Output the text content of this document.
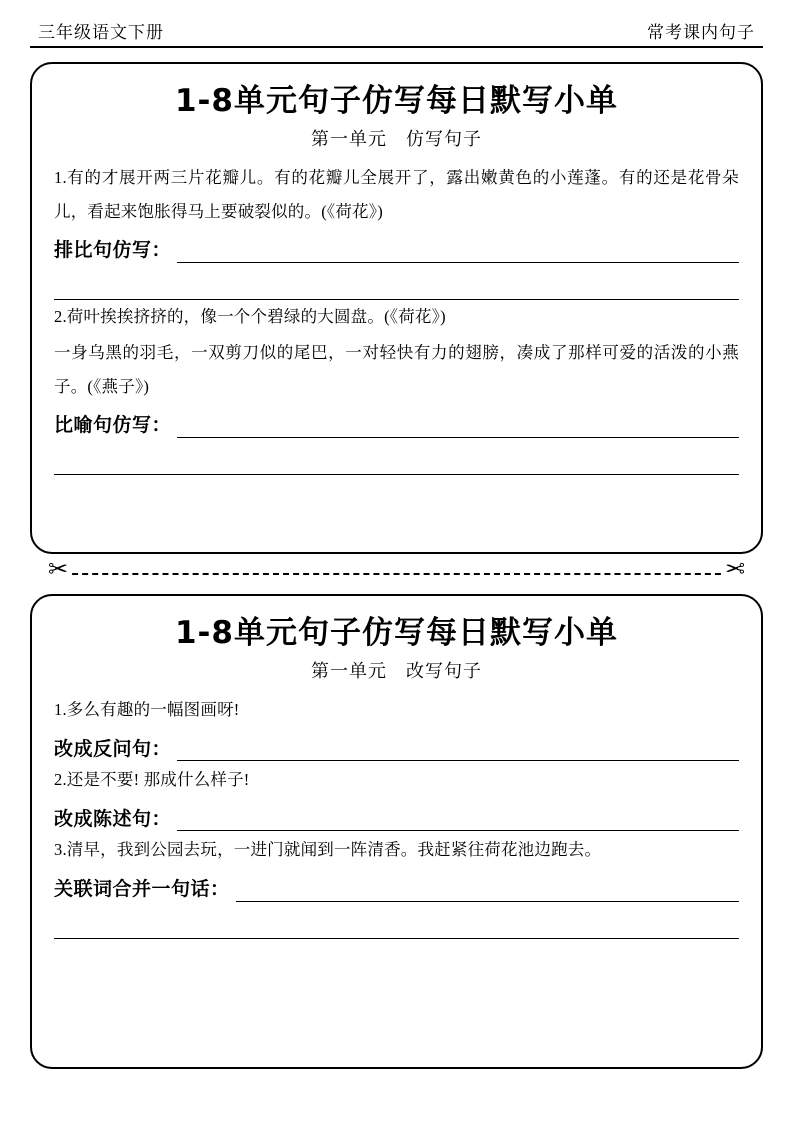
三年级语文下册	常考课内句子
1-8单元句子仿写每日默写小单
第一单元　仿写句子
1.有的才展开两三片花瓣儿。有的花瓣儿全展开了，露出嫩黄色的小莲蓬。有的还是花骨朵儿，看起来饱胀得马上要破裂似的。(《荷花》)
排比句仿写：
2.荷叶挨挨挤挤的，像一个个碧绿的大圆盘。(《荷花》)
一身乌黑的羽毛，一双剪刀似的尾巴，一对轻快有力的翅膀，凑成了那样可爱的活泼的小燕子。(《燕子》)
比喻句仿写：
✂	✂
1-8单元句子仿写每日默写小单
第一单元　改写句子
1.多么有趣的一幅图画呀!
改成反问句：
2.还是不要! 那成什么样子!
改成陈述句：
3.清早，我到公园去玩，一进门就闻到一阵清香。我赶紧往荷花池边跑去。
关联词合并一句话：
